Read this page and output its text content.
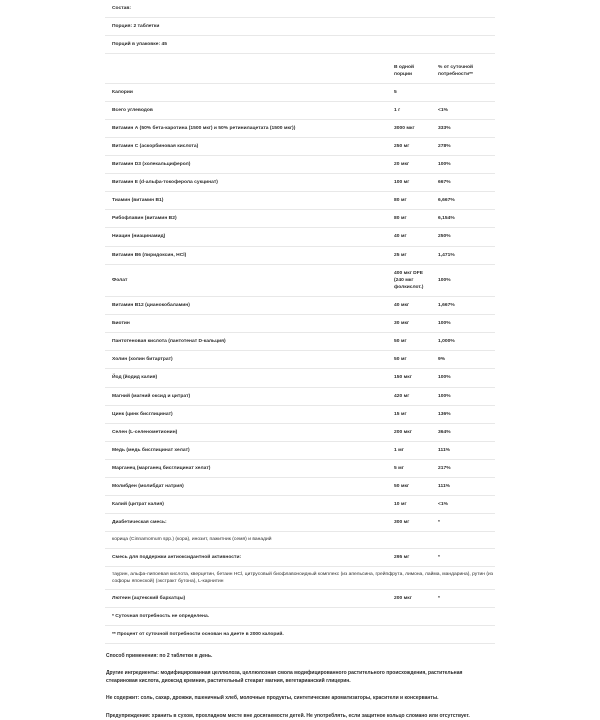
Состав:		
Порция: 2 таблетки		
Порций в упаковке: 45		
	В одной порции	% от суточной потребности**
Калории	5	
Всего углеводов	1 г	<1%
Витамин А (50% бета-каротина (1500 мкг) и 50% ретинилацетата (1500 мкг))	3000 мкг	333%
Витамин C (аскорбиновая кислота)	250 мг	278%
Витамин D3 (холекальциферол)	20 мкг	100%
Витамин E (d-альфа-токоферола сукцинат)	100 мг	667%
Тиамин (витамин B1)	80 мг	6,667%
Рибофлавин (витамин B2)	80 мг	6,154%
Ниацин (ниацинамид)	40 мг	250%
Витамин B6 (пиридоксин, HCl)	25 мг	1,471%
Фолат	400 мкг DFE (240 мкг фолкислот.)	100%
Витамин B12 (цианокобаламин)	40 мкг	1,667%
Биотин	30 мкг	100%
Пантотеновая кислота (пантотенат D-кальция)	50 мг	1,000%
Холин (холин битартрат)	50 мг	9%
Йод (йодид калия)	150 мкг	100%
Магний (магний оксид и цитрат)	420 мг	100%
Цинк (цинк бисглицинат)	15 мг	136%
Селен (L-селенометионин)	200 мкг	364%
Медь (медь бисглицинат хелат)	1 мг	111%
Марганец (марганец бисглицинат хелат)	5 мг	217%
Молибден (молибдат натрия)	50 мкг	111%
Калий (цитрат калия)	10 мг	<1%
Диабетическая смесь:	300 мг	*
корица (Cinnamomum spp.) (кора), инозит, пажитник (семя) и ванадий		
Смесь для поддержки антиоксидантной активности:	295 мг	*
таурин, альфа-липоевая кислота, кверцетин, бетаин HCl, цитрусовый биофлавоноидный комплекс (из апельсина, грейпфрута, лимона, лайма, мандарина), рутин (из софоры японской) (экстракт бутона), L-карнитин		
Лютеин (ацтекский бархатцы)	200 мкг	*
* Суточная потребность не определена.
** Процент от суточной потребности основан на диете в 2000 калорий.
Способ применения: по 2 таблетки в день.
Другие ингредиенты: модифицированная целлюлоза, целлюлозная смола модифицированного растительного происхождения, растительная стеариновая кислота, диоксид кремния, растительный стеарат магния, вегетарианский глицерин.
Не содержит: соль, сахар, дрожжи, пшеничный хлеб, молочные продукты, синтетические ароматизаторы, красители и консерванты.
Предупреждения: хранить в сухом, прохладном месте вне досягаемости детей. Не употреблять, если защитное кольцо сломано или отсутствует.
